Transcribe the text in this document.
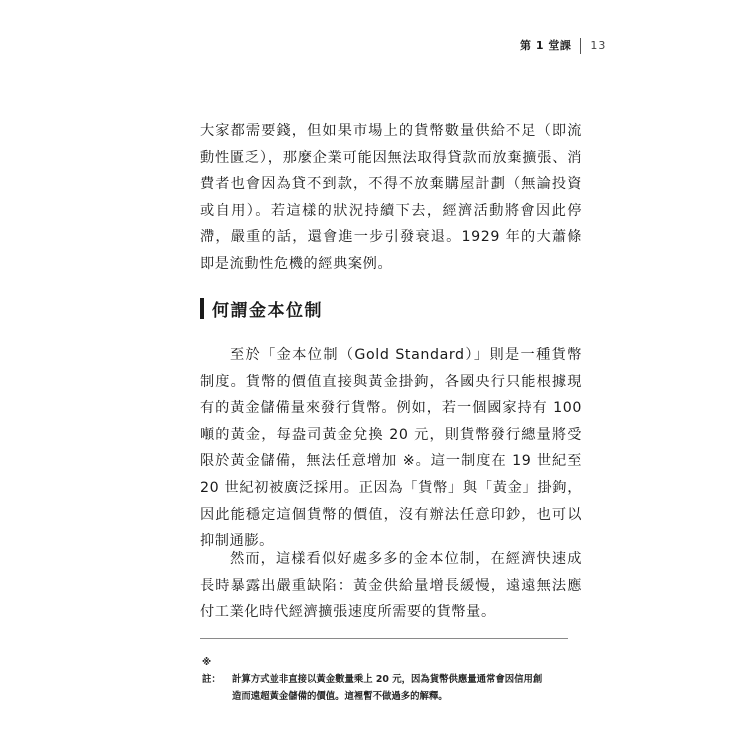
第 1 堂課 13

大家都需要錢，但如果市場上的貨幣數量供給不足（即流動性匱乏），那麼企業可能因無法取得貸款而放棄擴張、消費者也會因為貸不到款，不得不放棄購屋計劃（無論投資或自用）。若這樣的狀況持續下去，經濟活動將會因此停滯，嚴重的話，還會進一步引發衰退。1929 年的大蕭條即是流動性危機的經典案例。

何謂金本位制

至於「金本位制（Gold Standard）」則是一種貨幣制度。貨幣的價值直接與黃金掛鉤，各國央行只能根據現有的黃金儲備量來發行貨幣。例如，若一個國家持有 100 噸的黃金，每盎司黃金兌換 20 元，則貨幣發行總量將受限於黃金儲備，無法任意增加 ※。這一制度在 19 世紀至 20 世紀初被廣泛採用。正因為「貨幣」與「黃金」掛鉤，因此能穩定這個貨幣的價值，沒有辦法任意印鈔，也可以抑制通膨。

然而，這樣看似好處多多的金本位制，在經濟快速成長時暴露出嚴重缺陷：黃金供給量增長緩慢，遠遠無法應付工業化時代經濟擴張速度所需要的貨幣量。

※ 註： 計算方式並非直接以黃金數量乘上 20 元，因為貨幣供應量通常會因信用創
造而遠超黃金儲備的價值。這裡暫不做過多的解釋。
